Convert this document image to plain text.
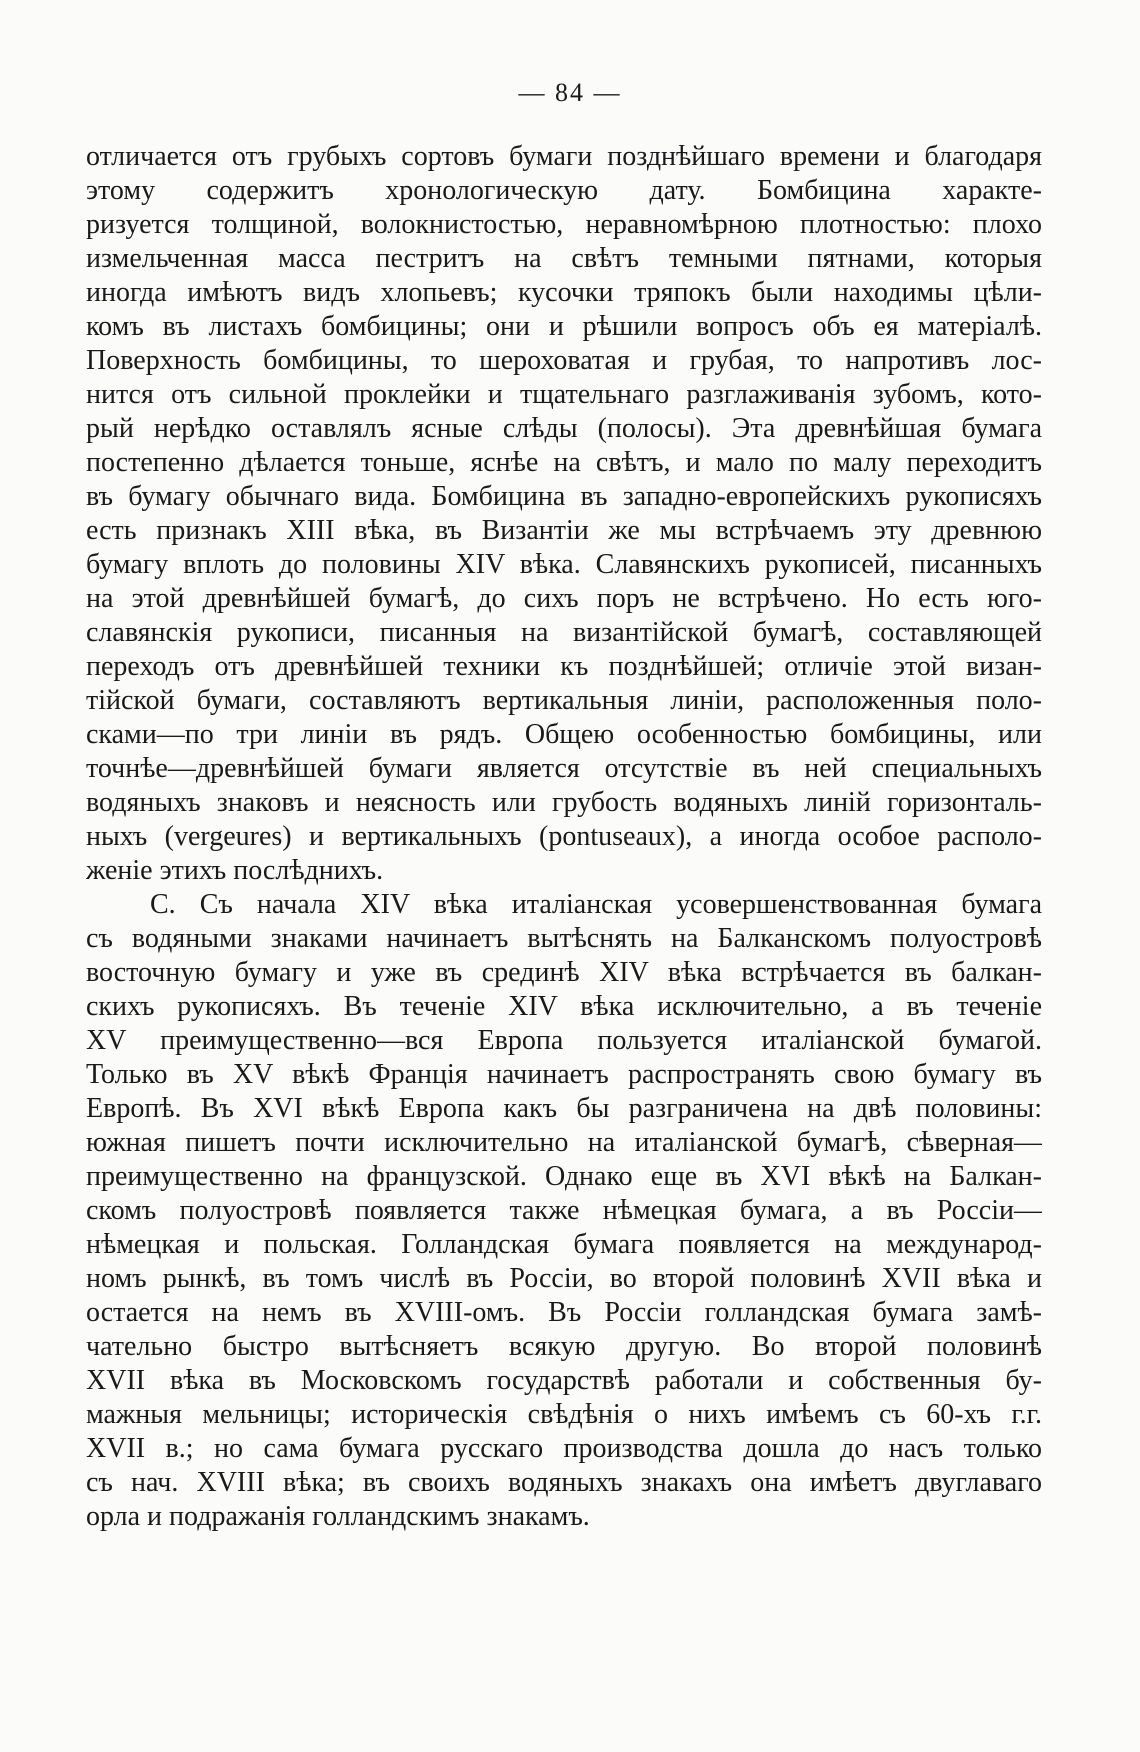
— 84 —
отличается отъ грубыхъ сортовъ бумаги позднѣйшаго времени и благодаря
этому содержитъ хронологическую дату. Бомбицина характе-
ризуется толщиной, волокнистостью, неравномѣрною плотностью: плохо
измельченная масса пестритъ на свѣтъ темными пятнами, которыя
иногда имѣютъ видъ хлопьевъ; кусочки тряпокъ были находимы цѣли-
комъ въ листахъ бомбицины; они и рѣшили вопросъ объ ея матеріалѣ.
Поверхность бомбицины, то шероховатая и грубая, то напротивъ лос-
нится отъ сильной проклейки и тщательнаго разглаживанія зубомъ, кото-
рый нерѣдко оставлялъ ясные слѣды (полосы). Эта древнѣйшая бумага
постепенно дѣлается тоньше, яснѣе на свѣтъ, и мало по малу переходитъ
въ бумагу обычнаго вида. Бомбицина въ западно-европейскихъ рукописяхъ
есть признакъ XIII вѣка, въ Византіи же мы встрѣчаемъ эту древнюю
бумагу вплоть до половины XIV вѣка. Славянскихъ рукописей, писанныхъ
на этой древнѣйшей бумагѣ, до сихъ поръ не встрѣчено. Но есть юго-
славянскія рукописи, писанныя на византійской бумагѣ, составляющей
переходъ отъ древнѣйшей техники къ позднѣйшей; отличіе этой визан-
тійской бумаги, составляютъ вертикальныя линіи, расположенныя поло-
сками—по три линіи въ рядъ. Общею особенностью бомбицины, или
точнѣе—древнѣйшей бумаги является отсутствіе въ ней специальныхъ
водяныхъ знаковъ и неясность или грубость водяныхъ линій горизонталь-
ныхъ (vergeures) и вертикальныхъ (pontuseaux), а иногда особое располо-
женіе этихъ послѣднихъ.
С. Съ начала XIV вѣка италіанская усовершенствованная бумага
съ водяными знаками начинаетъ вытѣснять на Балканскомъ полуостровѣ
восточную бумагу и уже въ срединѣ XIV вѣка встрѣчается въ балкан-
скихъ рукописяхъ. Въ теченіе XIV вѣка исключительно, а въ теченіе
XV преимущественно—вся Европа пользуется италіанской бумагой.
Только въ XV вѣкѣ Франція начинаетъ распространять свою бумагу въ
Европѣ. Въ XVI вѣкѣ Европа какъ бы разграничена на двѣ половины:
южная пишетъ почти исключительно на италіанской бумагѣ, сѣверная—
преимущественно на французской. Однако еще въ XVI вѣкѣ на Балкан-
скомъ полуостровѣ появляется также нѣмецкая бумага, а въ Россіи—
нѣмецкая и польская. Голландская бумага появляется на международ-
номъ рынкѣ, въ томъ числѣ въ Россіи, во второй половинѣ XVII вѣка и
остается на немъ въ XVIII-омъ. Въ Россіи голландская бумага замѣ-
чательно быстро вытѣсняетъ всякую другую. Во второй половинѣ
XVII вѣка въ Московскомъ государствѣ работали и собственныя бу-
мажныя мельницы; историческія свѣдѣнія о нихъ имѣемъ съ 60-хъ г.г.
XVII в.; но сама бумага русскаго производства дошла до насъ только
съ нач. XVIII вѣка; въ своихъ водяныхъ знакахъ она имѣетъ двуглаваго
орла и подражанія голландскимъ знакамъ.
